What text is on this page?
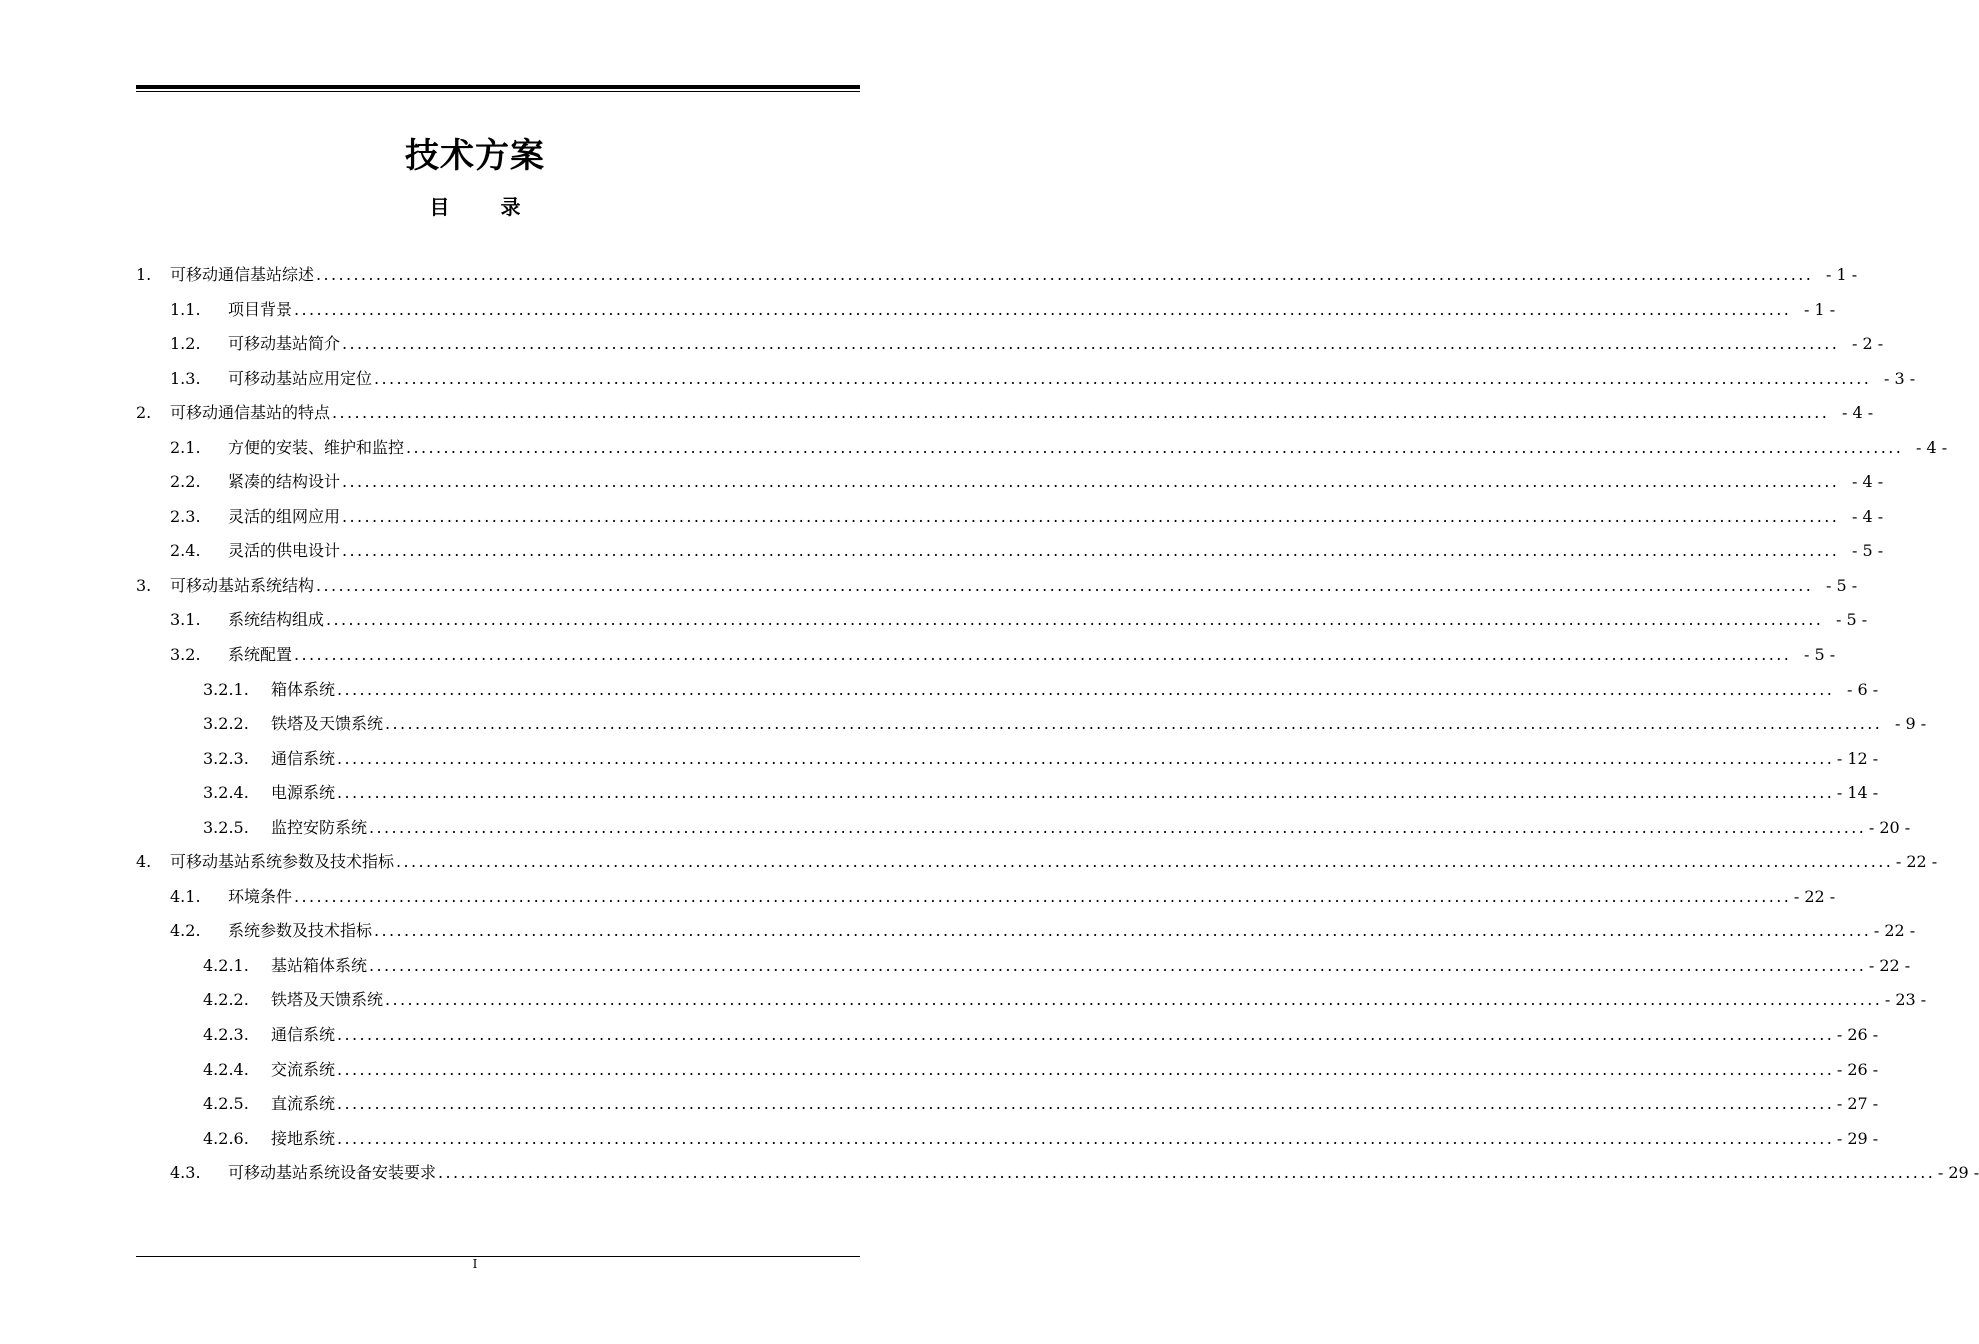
技术方案
目	录
1.	可移动通信基站综述 ........................................................................................................................................................................................................ - 1 -
1.1.	项目背景 ........................................................................................................................................................................................................ - 1 -
1.2.	可移动基站简介 ........................................................................................................................................................................................................ - 2 -
1.3.	可移动基站应用定位 ........................................................................................................................................................................................................ - 3 -
2.	可移动通信基站的特点 ........................................................................................................................................................................................................ - 4 -
2.1.	方便的安装、维护和监控 ........................................................................................................................................................................................................ - 4 -
2.2.	紧凑的结构设计 ........................................................................................................................................................................................................ - 4 -
2.3.	灵活的组网应用 ........................................................................................................................................................................................................ - 4 -
2.4.	灵活的供电设计 ........................................................................................................................................................................................................ - 5 -
3.	可移动基站系统结构 ........................................................................................................................................................................................................ - 5 -
3.1.	系统结构组成 ........................................................................................................................................................................................................ - 5 -
3.2.	系统配置 ........................................................................................................................................................................................................ - 5 -
3.2.1.	箱体系统 ........................................................................................................................................................................................................ - 6 -
3.2.2.	铁塔及天馈系统 ........................................................................................................................................................................................................ - 9 -
3.2.3.	通信系统 ........................................................................................................................................................................................................ - 12 -
3.2.4.	电源系统 ........................................................................................................................................................................................................ - 14 -
3.2.5.	监控安防系统 ........................................................................................................................................................................................................ - 20 -
4.	可移动基站系统参数及技术指标 ........................................................................................................................................................................................................ - 22 -
4.1.	环境条件 ........................................................................................................................................................................................................ - 22 -
4.2.	系统参数及技术指标 ........................................................................................................................................................................................................ - 22 -
4.2.1.	基站箱体系统 ........................................................................................................................................................................................................ - 22 -
4.2.2.	铁塔及天馈系统 ........................................................................................................................................................................................................ - 23 -
4.2.3.	通信系统 ........................................................................................................................................................................................................ - 26 -
4.2.4.	交流系统 ........................................................................................................................................................................................................ - 26 -
4.2.5.	直流系统 ........................................................................................................................................................................................................ - 27 -
4.2.6.	接地系统 ........................................................................................................................................................................................................ - 29 -
4.3.	可移动基站系统设备安装要求 ........................................................................................................................................................................................................ - 29 -
I
